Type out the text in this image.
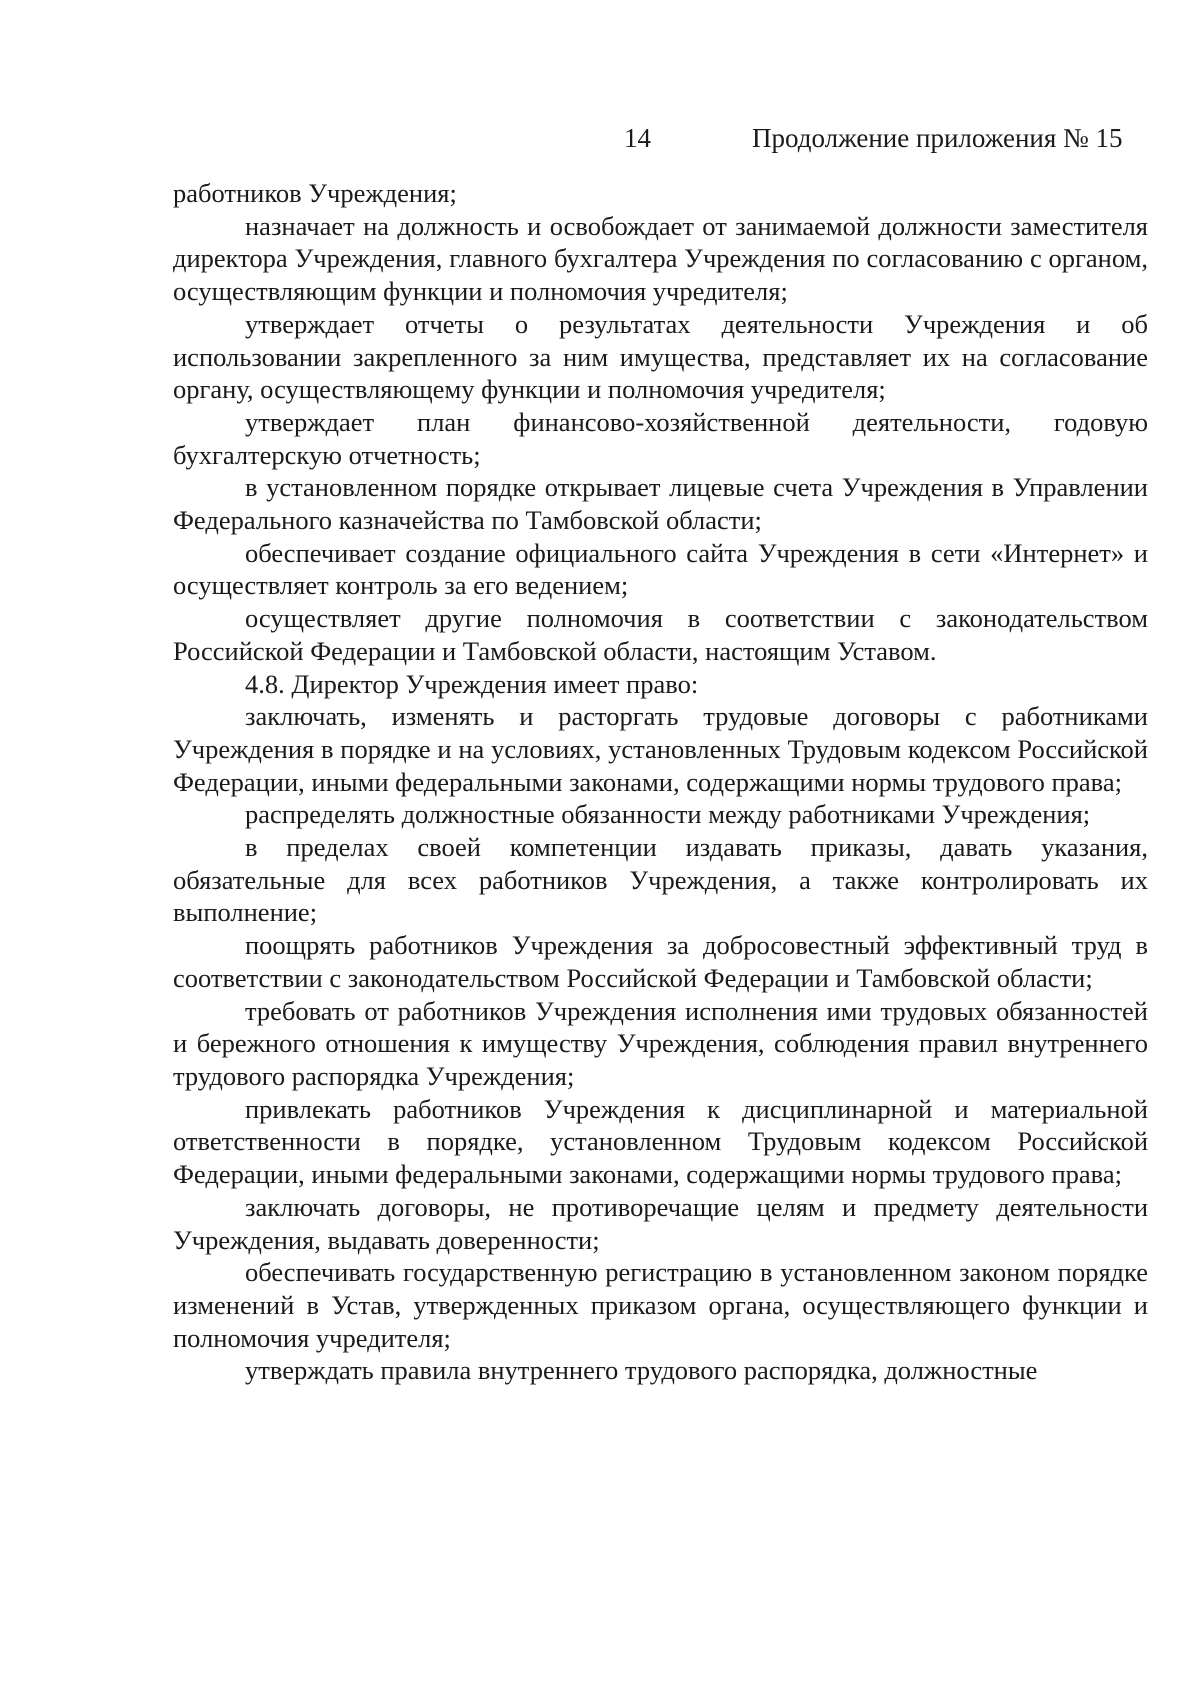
14	Продолжение приложения № 15

работников Учреждения;

назначает на должность и освобождает от занимаемой должности заместителя директора Учреждения, главного бухгалтера Учреждения по согласованию с органом, осуществляющим функции и полномочия учредителя;

утверждает отчеты о результатах деятельности Учреждения и об использовании закрепленного за ним имущества, представляет их на согласование органу, осуществляющему функции и полномочия учредителя;

утверждает план финансово-хозяйственной деятельности, годовую бухгалтерскую отчетность;

в установленном порядке открывает лицевые счета Учреждения в Управлении Федерального казначейства по Тамбовской области;

обеспечивает создание официального сайта Учреждения в сети «Интернет» и осуществляет контроль за его ведением;

осуществляет другие полномочия в соответствии с законодательством Российской Федерации и Тамбовской области, настоящим Уставом.

4.8. Директор Учреждения имеет право:

заключать, изменять и расторгать трудовые договоры с работниками Учреждения в порядке и на условиях, установленных Трудовым кодексом Российской Федерации, иными федеральными законами, содержащими нормы трудового права;

распределять должностные обязанности между работниками Учреждения;

в пределах своей компетенции издавать приказы, давать указания, обязательные для всех работников Учреждения, а также контролировать их выполнение;

поощрять работников Учреждения за добросовестный эффективный труд в соответствии с законодательством Российской Федерации и Тамбовской области;

требовать от работников Учреждения исполнения ими трудовых обязанностей и бережного отношения к имуществу Учреждения, соблюдения правил внутреннего трудового распорядка Учреждения;

привлекать работников Учреждения к дисциплинарной и материальной ответственности в порядке, установленном Трудовым кодексом Российской Федерации, иными федеральными законами, содержащими нормы трудового права;

заключать договоры, не противоречащие целям и предмету деятельности Учреждения, выдавать доверенности;

обеспечивать государственную регистрацию в установленном законом порядке изменений в Устав, утвержденных приказом органа, осуществляющего функции и полномочия учредителя;

утверждать правила внутреннего трудового распорядка, должностные
